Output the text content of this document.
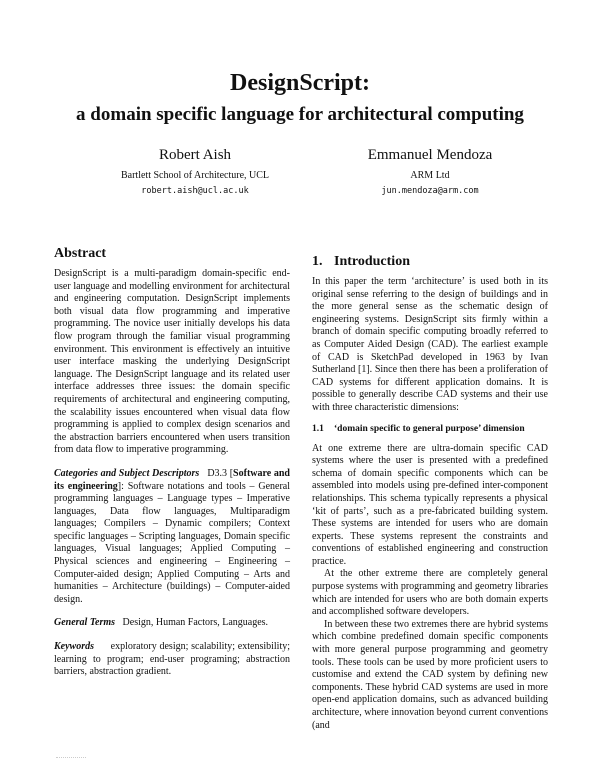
DesignScript:
a domain specific language for architectural computing
Robert Aish
Bartlett School of Architecture, UCL
robert.aish@ucl.ac.uk
Emmanuel Mendoza
ARM Ltd
jun.mendoza@arm.com
Abstract

DesignScript is a multi-paradigm domain-specific end-user language and modelling environment for architectural and engineering computation. DesignScript implements both visual data flow programming and imperative programming. The novice user initially develops his data flow program through the familiar visual programming environment. This environment is effectively an intuitive user interface masking the underlying DesignScript language. The DesignScript language and its related user interface addresses three issues: the domain specific requirements of architectural and engineering computing, the scalability issues encountered when visual data flow programming is applied to complex design scenarios and the abstraction barriers encountered when users transition from data flow to imperative programming.

Categories and Subject Descriptors D3.3 [Software and its engineering]: Software notations and tools – General programming languages – Language types – Imperative languages, Data flow languages, Multiparadigm languages; Compilers – Dynamic compilers; Context specific languages – Scripting languages, Domain specific languages, Visual languages; Applied Computing – Physical sciences and engineering – Engineering – Computer-aided design; Applied Computing – Arts and humanities – Architecture (buildings) – Computer-aided design.

General Terms Design, Human Factors, Languages.

Keywords exploratory design; scalability; extensibility; learning to program; end-user programing; abstraction barriers, abstraction gradient.

1. Introduction

In this paper the term ‘architecture’ is used both in its original sense referring to the design of buildings and in the more general sense as the schematic design of engineering systems. DesignScript sits firmly within a branch of domain specific computing broadly referred to as Computer Aided Design (CAD). The earliest example of CAD is SketchPad developed in 1963 by Ivan Sutherland [1]. Since then there has been a proliferation of CAD systems for different application domains. It is possible to generally describe CAD systems and their use with three characteristic dimensions:

1.1 ‘domain specific to general purpose’ dimension

At one extreme there are ultra-domain specific CAD systems where the user is presented with a predefined schema of domain specific components which can be assembled into models using pre-defined inter-component relationships. This schema typically represents a physical ‘kit of parts’, such as a pre-fabricated building system. These systems are intended for users who are domain experts. These systems represent the constraints and conventions of established engineering and construction practice.

At the other extreme there are completely general purpose systems with programming and geometry libraries which are intended for users who are both domain experts and accomplished software developers.

In between these two extremes there are hybrid systems which combine predefined domain specific components with more general purpose programming and geometry tools. These tools can be used by more proficient users to customise and extend the CAD system by defining new components. These hybrid CAD systems are used in more open-end application domains, such as advanced building architecture, where innovation beyond current conventions (and
